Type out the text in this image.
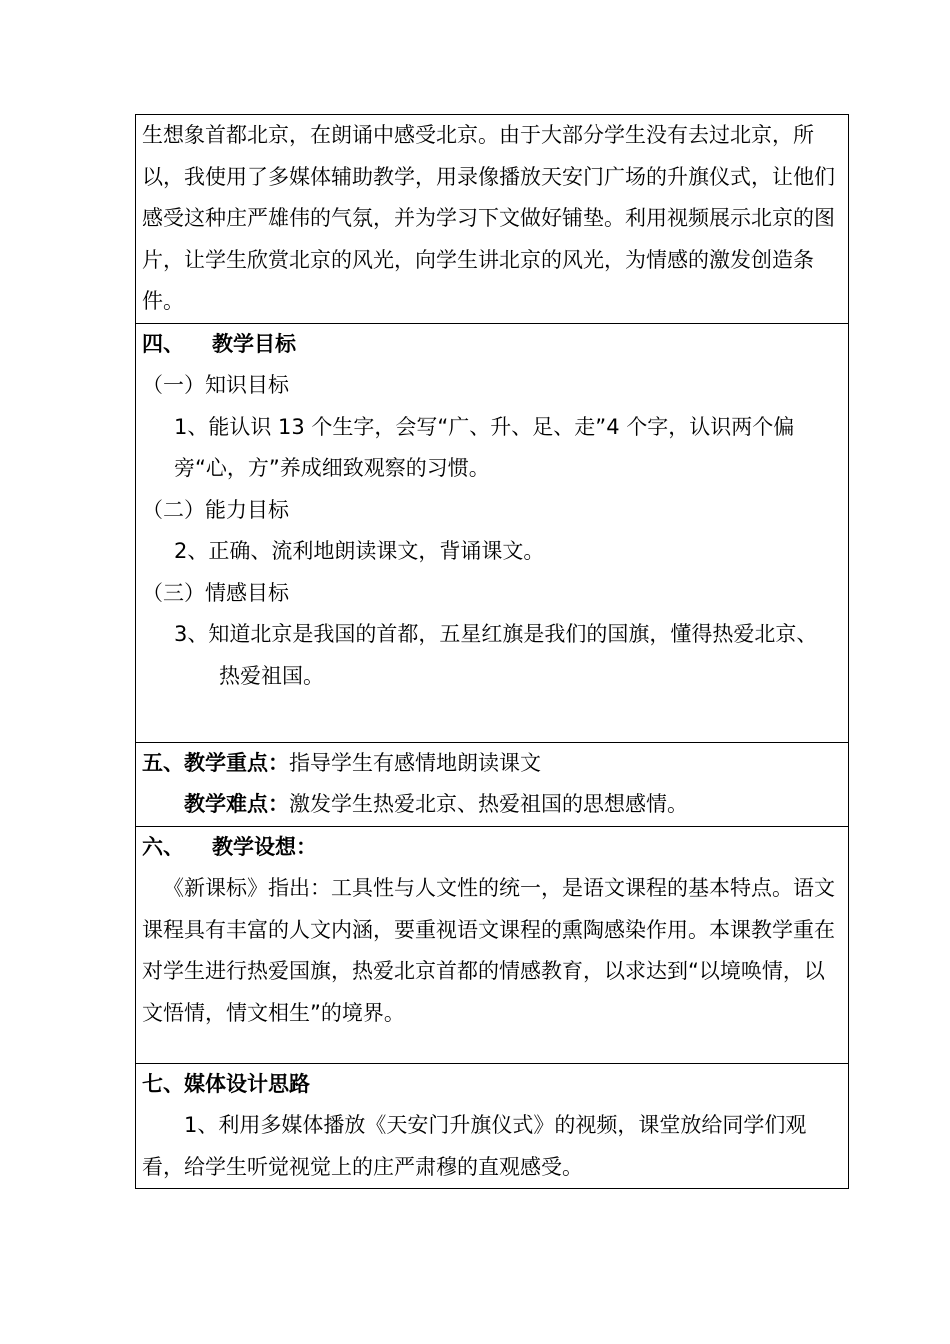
生想象首都北京，在朗诵中感受北京。由于大部分学生没有去过北京，所以，我使用了多媒体辅助教学，用录像播放天安门广场的升旗仪式，让他们感受这种庄严雄伟的气氛，并为学习下文做好铺垫。利用视频展示北京的图片，让学生欣赏北京的风光，向学生讲北京的风光，为情感的激发创造条件。

四、 教学目标

（一）知识目标

1、能认识 13 个生字，会写“广、升、足、走”4 个字，认识两个偏旁“心，方”养成细致观察的习惯。

（二）能力目标

2、正确、流利地朗读课文，背诵课文。

（三）情感目标

3、知道北京是我国的首都，五星红旗是我们的国旗，懂得热爱北京、

热爱祖国。

五、教学重点：指导学生有感情地朗读课文

教学难点：激发学生热爱北京、热爱祖国的思想感情。

六、 教学设想：

《新课标》指出：工具性与人文性的统一，是语文课程的基本特点。语文课程具有丰富的人文内涵，要重视语文课程的熏陶感染作用。本课教学重在对学生进行热爱国旗，热爱北京首都的情感教育，以求达到“以境唤情，以文悟情，情文相生”的境界。

七、媒体设计思路

1、利用多媒体播放《天安门升旗仪式》的视频，课堂放给同学们观看，给学生听觉视觉上的庄严肃穆的直观感受。
